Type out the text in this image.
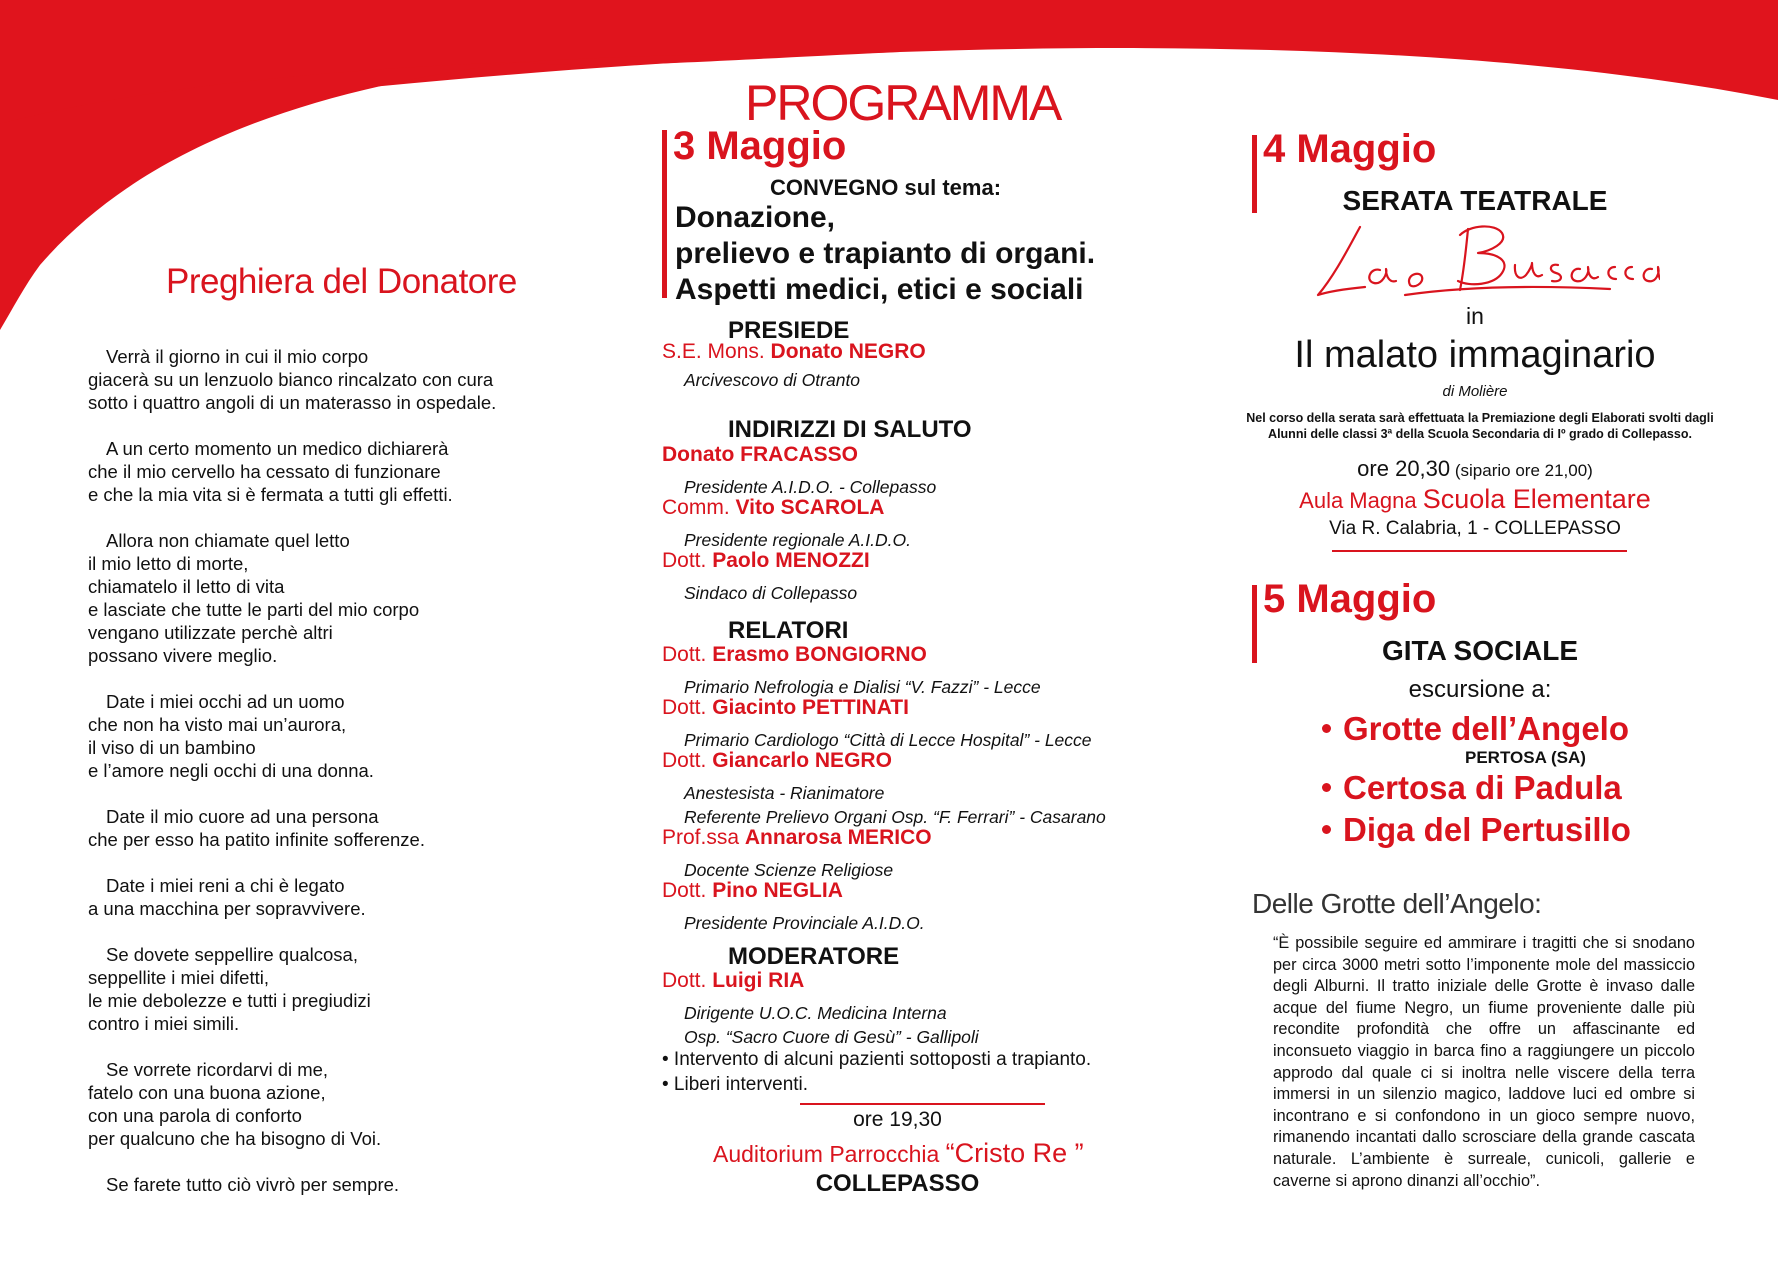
Preghiera del Donatore
Verrà il giorno in cui il mio corpo
giacerà su un lenzuolo bianco rincalzato con cura
sotto i quattro angoli di un materasso in ospedale.
A un certo momento un medico dichiarerà
che il mio cervello ha cessato di funzionare
e che la mia vita si è fermata a tutti gli effetti.
Allora non chiamate quel letto
il mio letto di morte,
chiamatelo il letto di vita
e lasciate che tutte le parti del mio corpo
vengano utilizzate perchè altri
possano vivere meglio.
Date i miei occhi ad un uomo
che non ha visto mai un’aurora,
il viso di un bambino
e l’amore negli occhi di una donna.
Date il mio cuore ad una persona
che per esso ha patito infinite sofferenze.
Date i miei reni a chi è legato
a una macchina per sopravvivere.
Se dovete seppellire qualcosa,
seppellite i miei difetti,
le mie debolezze e tutti i pregiudizi
contro i miei simili.
Se vorrete ricordarvi di me,
fatelo con una buona azione,
con una parola di conforto
per qualcuno che ha bisogno di Voi.
Se farete tutto ciò vivrò per sempre.
PROGRAMMA
3 Maggio
CONVEGNO sul tema:
Donazione,
prelievo e trapianto di organi.
Aspetti medici, etici e sociali
PRESIEDE
S.E. Mons. Donato NEGRO
Arcivescovo di Otranto
INDIRIZZI DI SALUTO
Donato FRACASSO
Presidente A.I.D.O. - Collepasso
Comm. Vito SCAROLA
Presidente regionale A.I.D.O.
Dott. Paolo MENOZZI
Sindaco di Collepasso
RELATORI
Dott. Erasmo BONGIORNO
Primario Nefrologia e Dialisi “V. Fazzi” - Lecce
Dott. Giacinto PETTINATI
Primario Cardiologo “Città di Lecce Hospital” - Lecce
Dott. Giancarlo NEGRO
Anestesista - Rianimatore
Referente Prelievo Organi Osp. “F. Ferrari” - Casarano
Prof.ssa Annarosa MERICO
Docente Scienze Religiose
Dott. Pino NEGLIA
Presidente Provinciale A.I.D.O.
MODERATORE
Dott. Luigi RIA
Dirigente U.O.C. Medicina Interna
Osp. “Sacro Cuore di Gesù” - Gallipoli
• Intervento di alcuni pazienti sottoposti a trapianto.
• Liberi interventi.
ore 19,30
Auditorium Parrocchia “Cristo Re ”
COLLEPASSO
4 Maggio
SERATA TEATRALE
in
Il malato immaginario
di Molière
Nel corso della serata sarà effettuata la Premiazione degli Elaborati svolti dagli Alunni delle classi 3ª della Scuola Secondaria di Iº grado di Collepasso.
ore 20,30 (sipario ore 21,00)
Aula Magna Scuola Elementare
Via R. Calabria, 1 - COLLEPASSO
5 Maggio
GITA SOCIALE
escursione a:
Grotte dell’Angelo
PERTOSA (SA)
Certosa di Padula
Diga del Pertusillo
Delle Grotte dell’Angelo:
“È possibile seguire ed ammirare i tragitti che si snodano per circa 3000 metri sotto l’imponente mole del massiccio degli Alburni. Il tratto iniziale delle Grotte è invaso dalle acque del fiume Negro, un fiume proveniente dalle più recondite profondità che offre un affascinante ed inconsueto viaggio in barca fino a raggiungere un piccolo approdo dal quale ci si inoltra nelle viscere della terra immersi in un silenzio magico, laddove luci ed ombre si incontrano e si confondono in un gioco sempre nuovo, rimanendo incantati dallo scrosciare della grande cascata naturale. L’ambiente è surreale, cunicoli, gallerie e caverne si aprono dinanzi all’occhio”.
